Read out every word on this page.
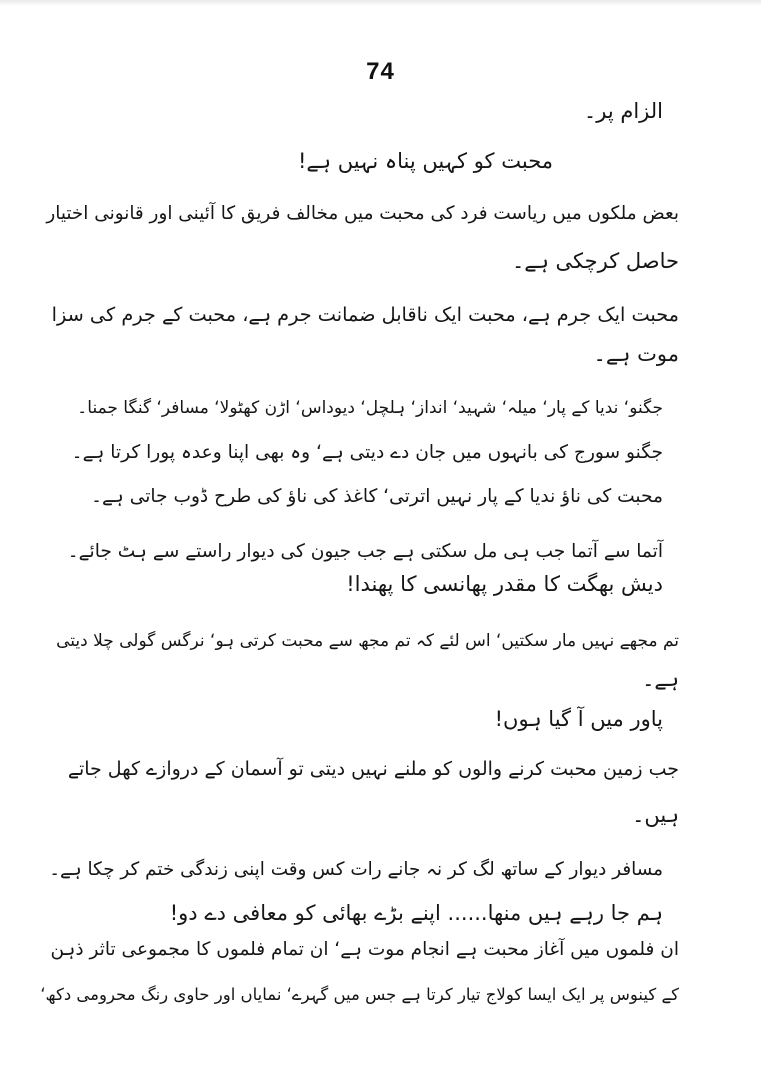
74
الزام پر۔
محبت کو کہیں پناہ نہیں ہے!
بعض ملکوں میں ریاست فرد کی محبت میں مخالف فریق کا آئینی اور قانونی اختیار
حاصل کرچکی ہے۔
محبت ایک جرم ہے، محبت ایک ناقابل ضمانت جرم ہے، محبت کے جرم کی سزا
موت ہے۔
جگنو‘ ندیا کے پار‘ میلہ‘ شہید‘ انداز‘ ہلچل‘ دیوداس‘ اڑن کھٹولا‘ مسافر‘ گنگا جمنا۔
جگنو سورج کی بانہوں میں جان دے دیتی ہے‘ وہ بھی اپنا وعدہ پورا کرتا ہے۔
محبت کی ناؤ ندیا کے پار نہیں اترتی‘ کاغذ کی ناؤ کی طرح ڈوب جاتی ہے۔
آتما سے آتما جب ہی مل سکتی ہے جب جیون کی دیوار راستے سے ہٹ جائے۔
دیش بھگت کا مقدر پھانسی کا پھندا!
تم مجھے نہیں مار سکتیں‘ اس لئے کہ تم مجھ سے محبت کرتی ہو‘ نرگس گولی چلا دیتی
ہے۔
پاور میں آ گیا ہوں!
جب زمین محبت کرنے والوں کو ملنے نہیں دیتی تو آسمان کے دروازے کھل جاتے
ہیں۔
مسافر دیوار کے ساتھ لگ کر نہ جانے رات کس وقت اپنی زندگی ختم کر چکا ہے۔
ہم جا رہے ہیں منھا...... اپنے بڑے بھائی کو معافی دے دو!
ان فلموں میں آغاز محبت ہے انجام موت ہے‘ ان تمام فلموں کا مجموعی تاثر ذہن
کے کینوس پر ایک ایسا کولاج تیار کرتا ہے جس میں گہرے‘ نمایاں اور حاوی رنگ محرومی دکھ‘
